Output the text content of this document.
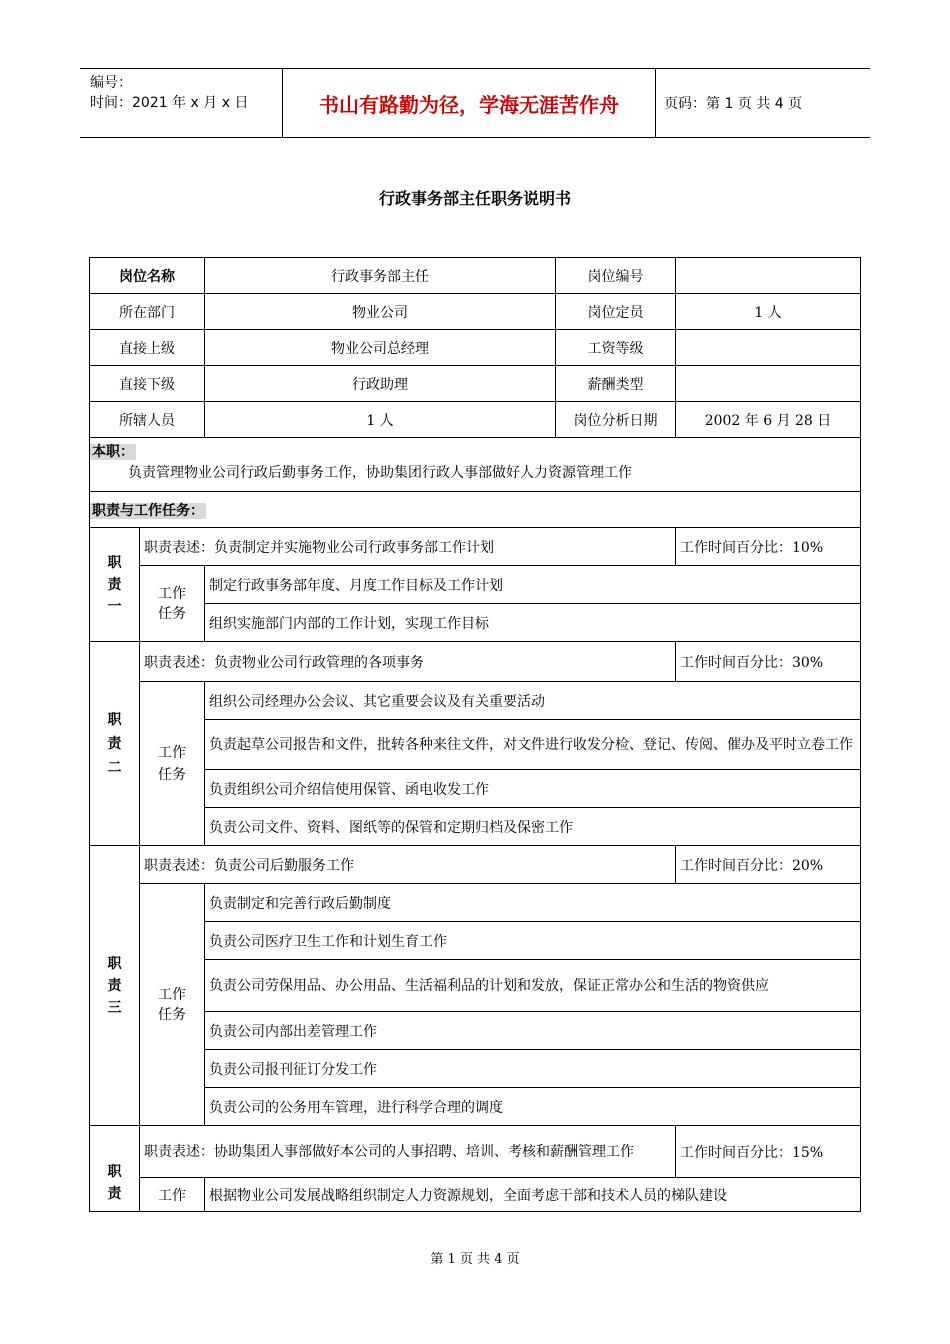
编号：
时间：2021 年 x 月 x 日	书山有路勤为径，学海无涯苦作舟	页码：第 1 页 共 4 页
行政事务部主任职务说明书
岗位名称		行政事务部主任	岗位编号	
所在部门		物业公司	岗位定员	1 人
直接上级		物业公司总经理	工资等级	
直接下级		行政助理	薪酬类型	
所辖人员		1 人	岗位分析日期	2002 年 6 月 28 日

本职：
负责管理物业公司行政后勤事务工作，协助集团行政人事部做好人力资源管理工作				

职责与工作任务：				

职责一	职责表述：负责制定并实施物业公司行政事务部工作计划			工作时间百分比：10%

	工作任务	制定行政事务部年度、月度工作目标及工作计划		
		组织实施部门内部的工作计划，实现工作目标		

职责二	职责表述：负责物业公司行政管理的各项事务			工作时间百分比：30%

	工作任务	组织公司经理办公会议、其它重要会议及有关重要活动		
		负责起草公司报告和文件，批转各种来往文件，对文件进行收发分检、登记、传阅、催办及平时立卷工作		
		负责组织公司介绍信使用保管、函电收发工作		
		负责公司文件、资料、图纸等的保管和定期归档及保密工作		

职责三	职责表述：负责公司后勤服务工作			工作时间百分比：20%

	工作任务	负责制定和完善行政后勤制度		
		负责公司医疗卫生工作和计划生育工作		
		负责公司劳保用品、办公用品、生活福利品的计划和发放，保证正常办公和生活的物资供应		
		负责公司内部出差管理工作		
		负责公司报刊征订分发工作		
		负责公司的公务用车管理，进行科学合理的调度		

职责	职责表述：协助集团人事部做好本公司的人事招聘、培训、考核和薪酬管理工作			工作时间百分比：15%
	工作	根据物业公司发展战略组织制定人力资源规划，全面考虑干部和技术人员的梯队建设		
第 1 页 共 4 页
